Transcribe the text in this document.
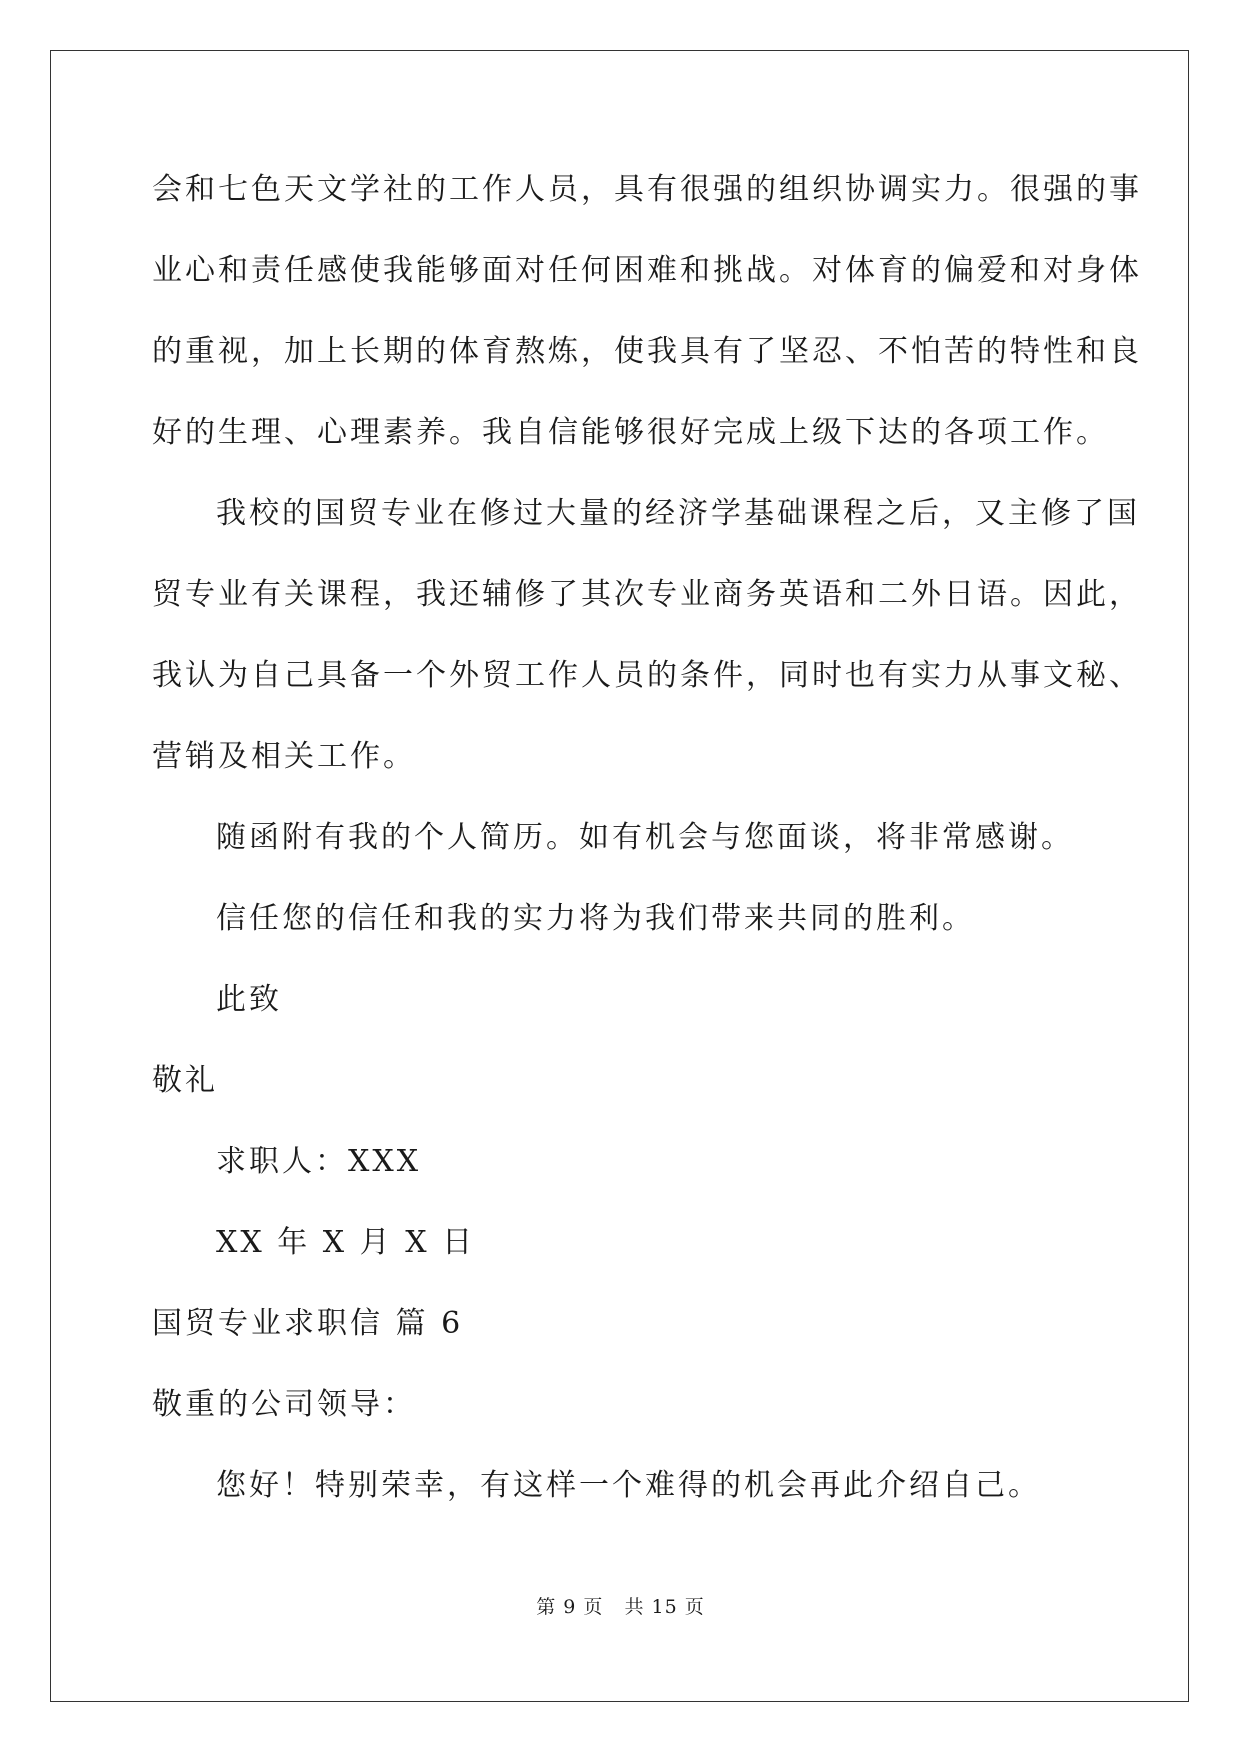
会和七色天文学社的工作人员，具有很强的组织协调实力。很强的事
业心和责任感使我能够面对任何困难和挑战。对体育的偏爱和对身体
的重视，加上长期的体育熬炼，使我具有了坚忍、不怕苦的特性和良
好的生理、心理素养。我自信能够很好完成上级下达的各项工作。
我校的国贸专业在修过大量的经济学基础课程之后，又主修了国
贸专业有关课程，我还辅修了其次专业商务英语和二外日语。因此，
我认为自己具备一个外贸工作人员的条件，同时也有实力从事文秘、
营销及相关工作。
随函附有我的个人简历。如有机会与您面谈，将非常感谢。
信任您的信任和我的实力将为我们带来共同的胜利。
此致
敬礼
求职人：XXX
XX 年 X 月 X 日
国贸专业求职信 篇 6
敬重的公司领导：
您好！特别荣幸，有这样一个难得的机会再此介绍自己。
第 9 页   共 15 页
